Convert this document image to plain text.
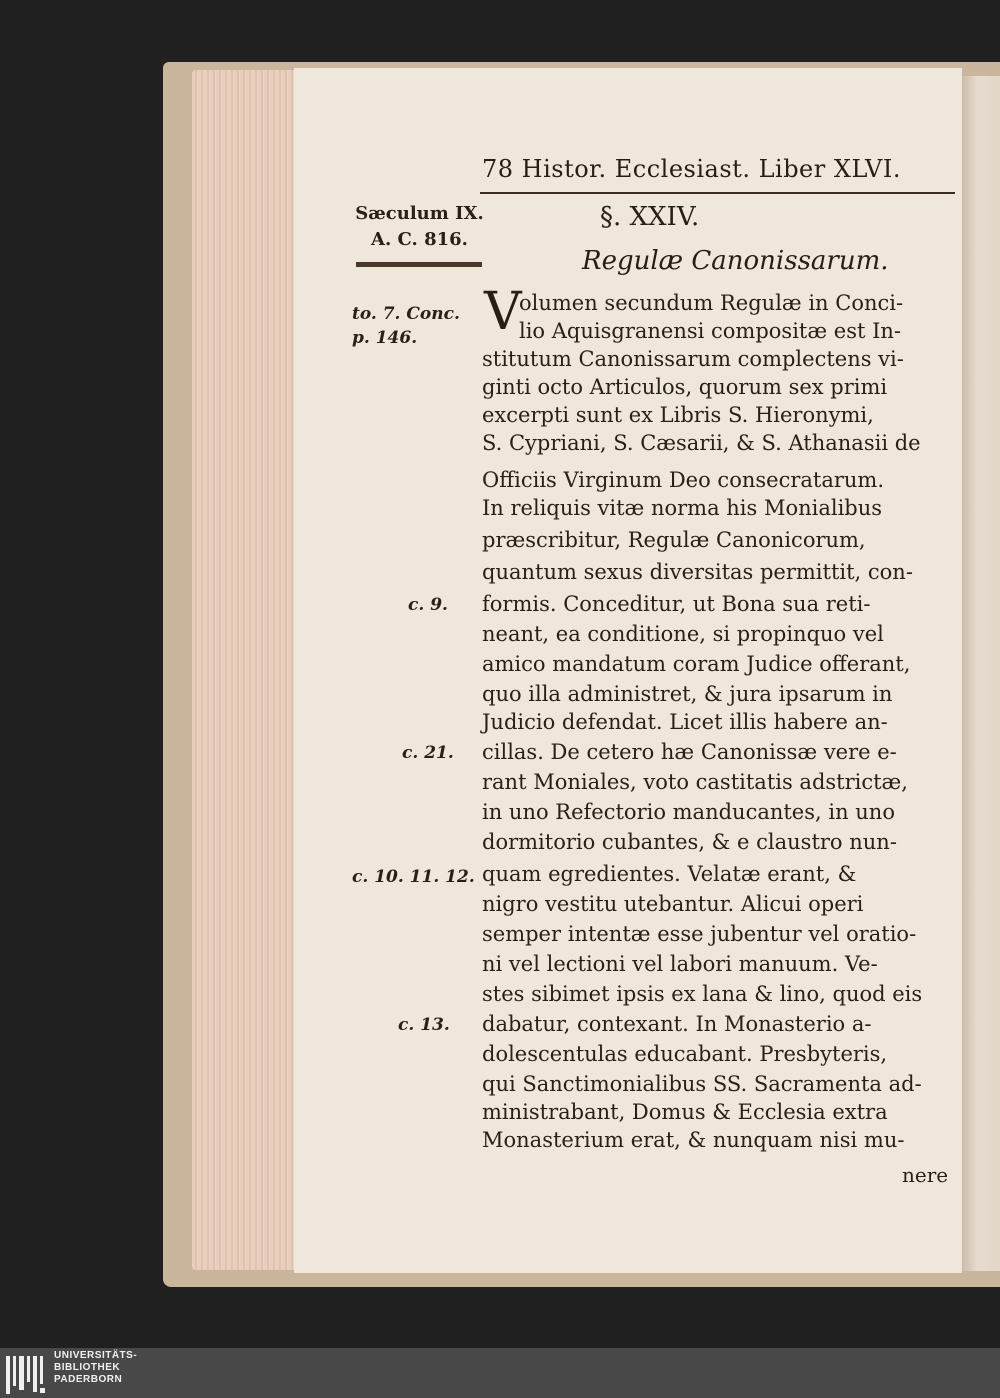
78 Histor. Ecclesiast. Liber XLVI.
Sæculum IX.
A. C. 816.
§. XXIV.
Regulæ Canonissarum.
V
olumen secundum Regulæ in Conci-
lio Aquisgranensi compositæ est In-
stitutum Canonissarum complectens vi-
ginti octo Articulos, quorum sex primi
excerpti sunt ex Libris S. Hieronymi,
S. Cypriani, S. Cæsarii, & S. Athanasii de
Officiis Virginum Deo consecratarum.
In reliquis vitæ norma his Monialibus
præscribitur, Regulæ Canonicorum,
quantum sexus diversitas permittit, con-
formis. Conceditur, ut Bona sua reti-
neant, ea conditione, si propinquo vel
amico mandatum coram Judice offerant,
quo illa administret, & jura ipsarum in
Judicio defendat. Licet illis habere an-
cillas. De cetero hæ Canonissæ vere e-
rant Moniales, voto castitatis adstrictæ,
in uno Refectorio manducantes, in uno
dormitorio cubantes, & e claustro nun-
quam egredientes. Velatæ erant, &
nigro vestitu utebantur. Alicui operi
semper intentæ esse jubentur vel oratio-
ni vel lectioni vel labori manuum. Ve-
stes sibimet ipsis ex lana & lino, quod eis
dabatur, contexant. In Monasterio a-
dolescentulas educabant. Presbyteris,
qui Sanctimonialibus SS. Sacramenta ad-
ministrabant, Domus & Ecclesia extra
Monasterium erat, & nunquam nisi mu-
nere
to. 7. Conc.
p. 146.
c. 9.
c. 21.
c. 10. 11. 12.
c. 13.
UNIVERSITÄTS-
BIBLIOTHEK
PADERBORN
